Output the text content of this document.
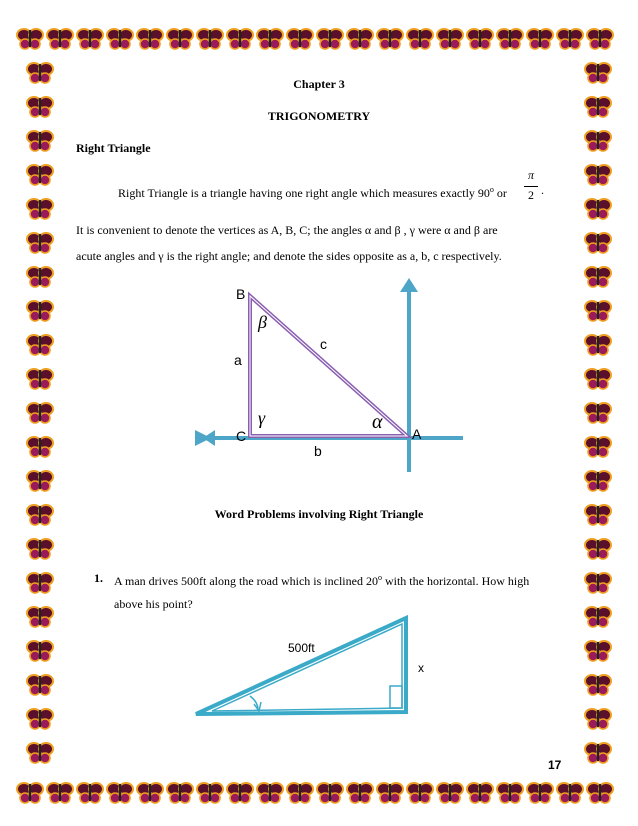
Chapter 3
TRIGONOMETRY
Right Triangle
Right Triangle is a triangle having one right angle which measures exactly 90$^o$ or
π
2 .
It is convenient to denote the vertices as A, B, C; the angles α and β , γ were α and β are
acute angles and γ is the right angle; and denote the sides opposite as a, b, c respectively.
B
β
c
a
γ	α
C	A
b
Word Problems involving Right Triangle
1. A man drives 500ft along the road which is inclined 20$^o$ with the horizontal. How high
above his point?
500ft
x
17
